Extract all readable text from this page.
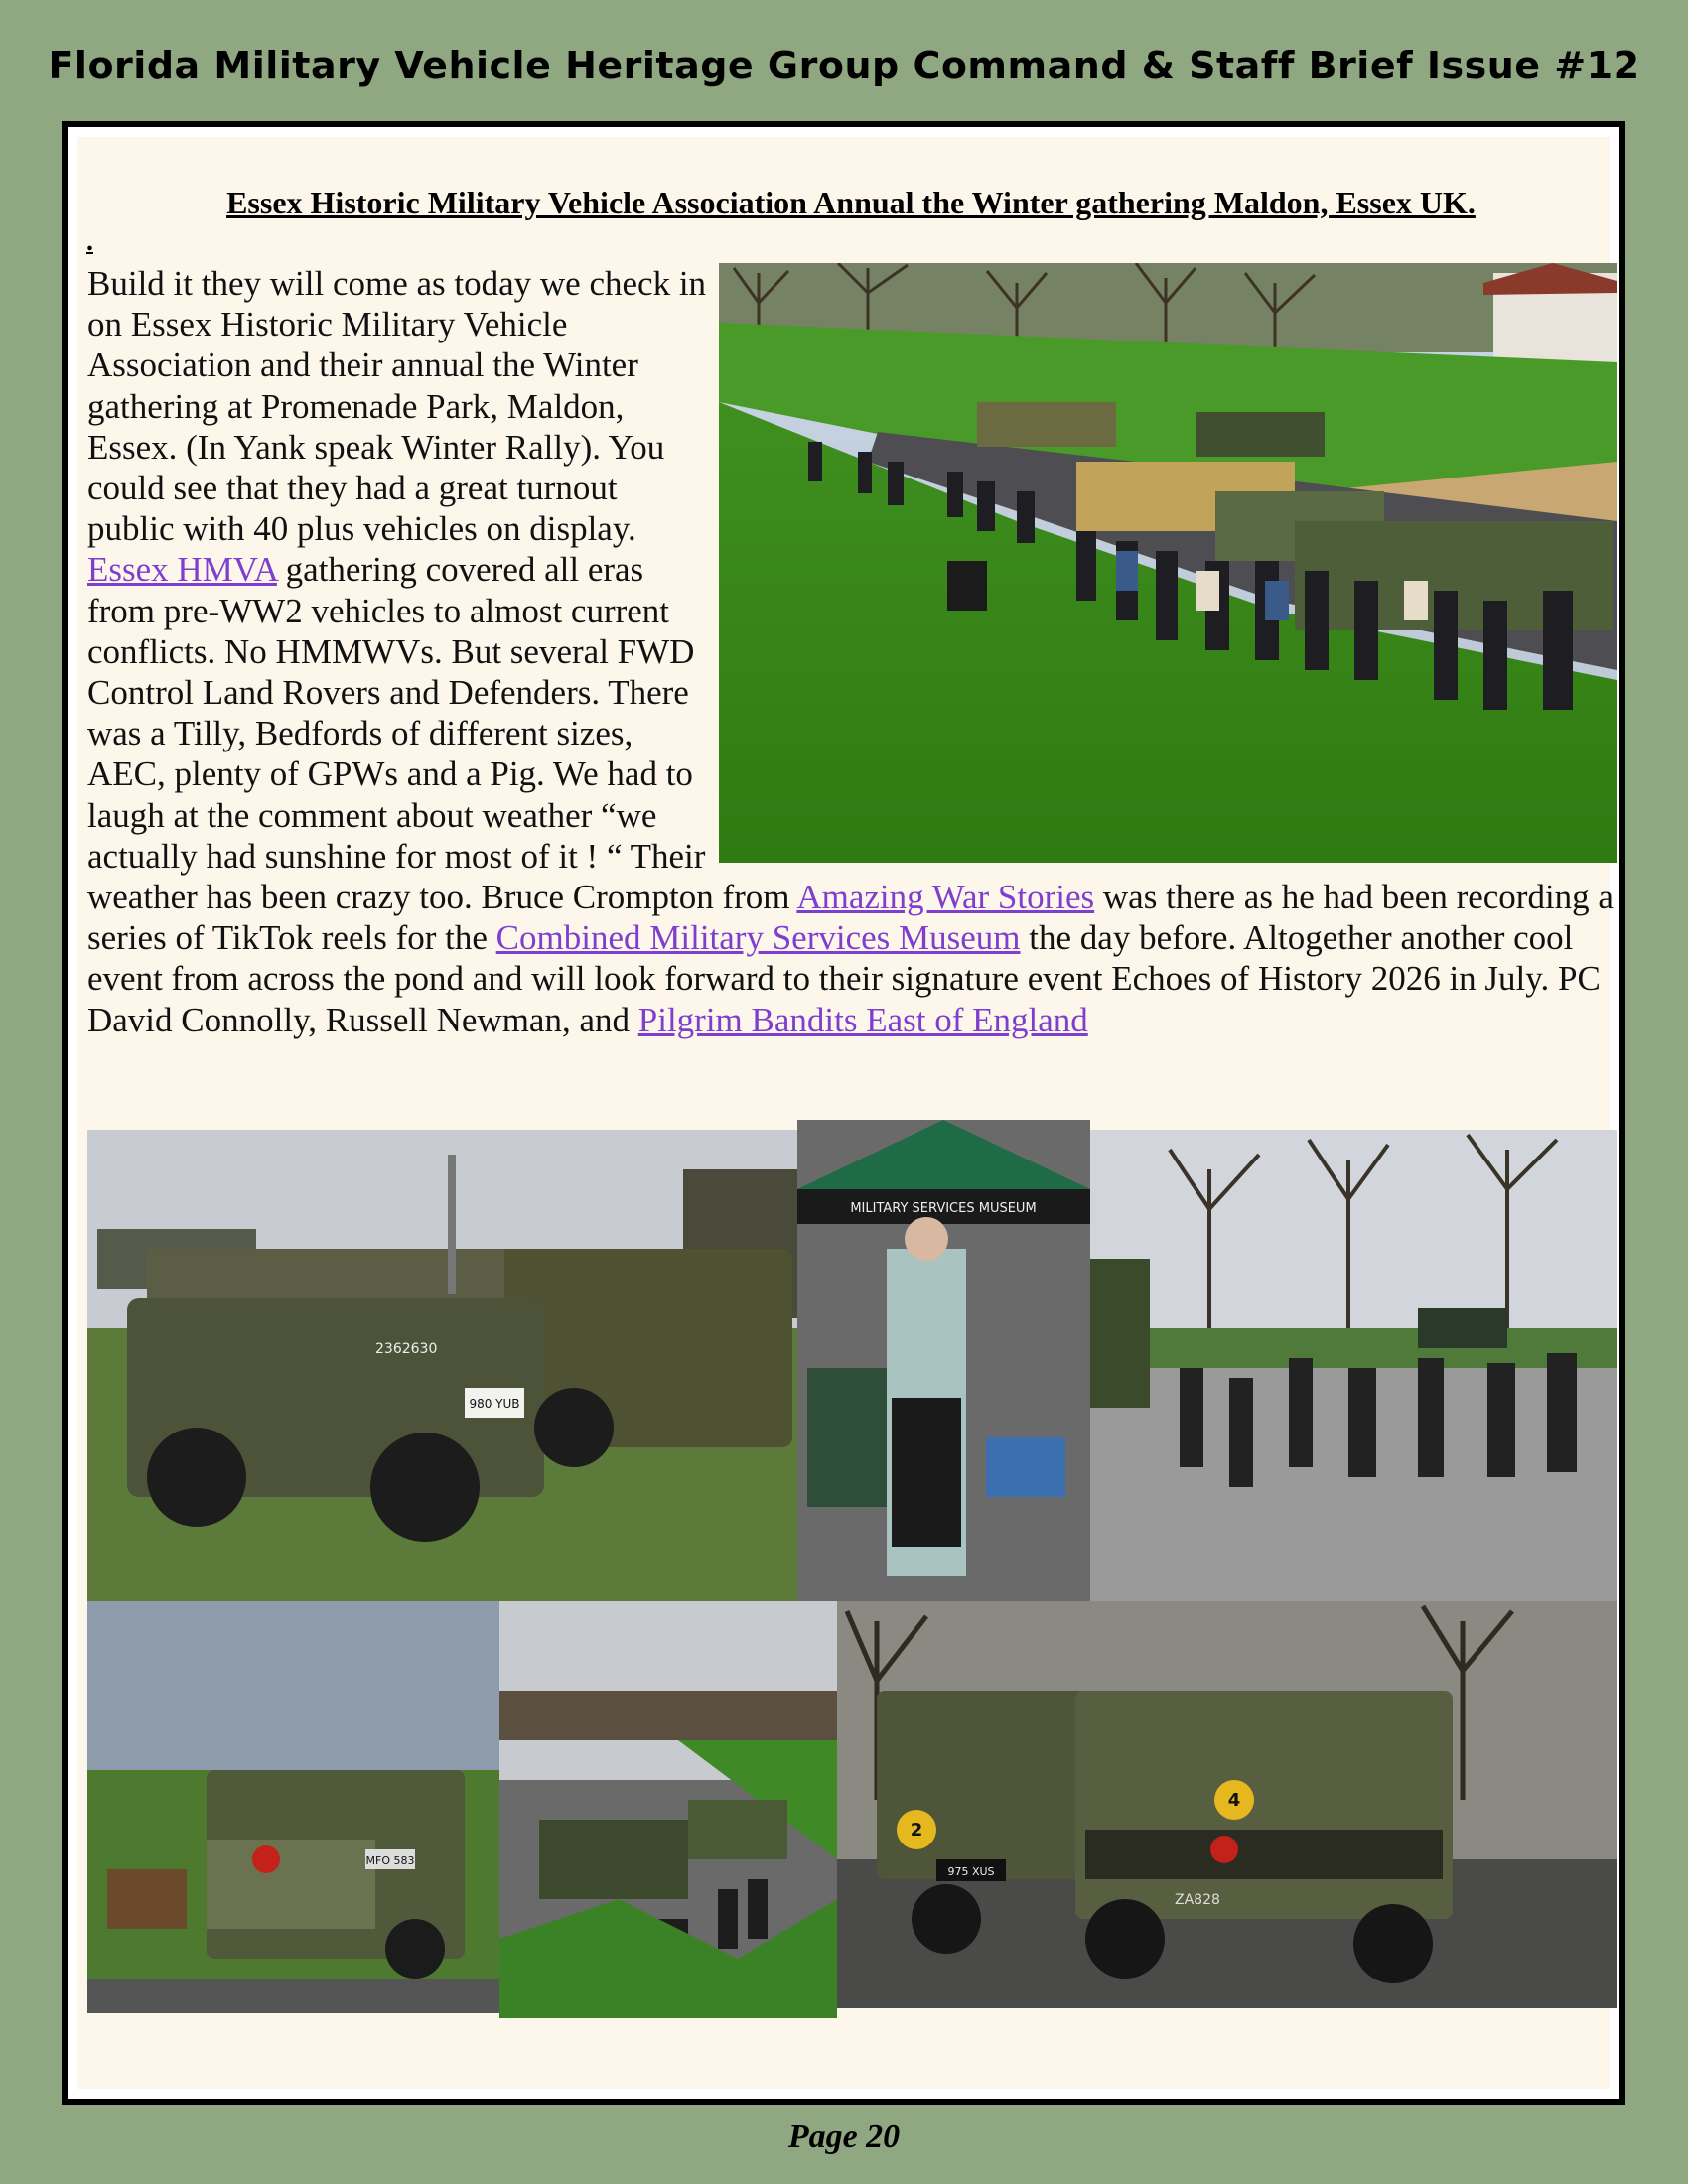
Florida Military Vehicle Heritage Group Command & Staff Brief Issue #12
Essex Historic Military Vehicle Association Annual the Winter gathering Maldon, Essex UK.
.
Build it they will come as today we check in on Essex Historic Military Vehicle Association and their annual the Winter gathering at Promenade Park, Maldon, Essex. (In Yank speak Winter Rally). You could see that they had a great turnout public with 40 plus vehicles on display. Essex HMVA gathering covered all eras from pre-WW2 vehicles to almost current conflicts. No HMMWVs. But several FWD Control Land Rovers and Defenders. There was a Tilly, Bedfords of different sizes, AEC, plenty of GPWs and a Pig. We had to laugh at the comment about weather “we actually had sunshine for most of it ! “ Their weather has been crazy too. Bruce Crompton from Amazing War Stories was there as he had been recording a series of TikTok reels for the Combined Military Services Museum the day before. Altogether another cool event from across the pond and will look forward to their signature event Echoes of History 2026 in July. PC David Connolly, Russell Newman, and Pilgrim Bandits East of England
980 YUB
2362630
MILITARY SERVICES MUSEUM
MFO 583
2
4
ZA828
975 XUS
Page 20
